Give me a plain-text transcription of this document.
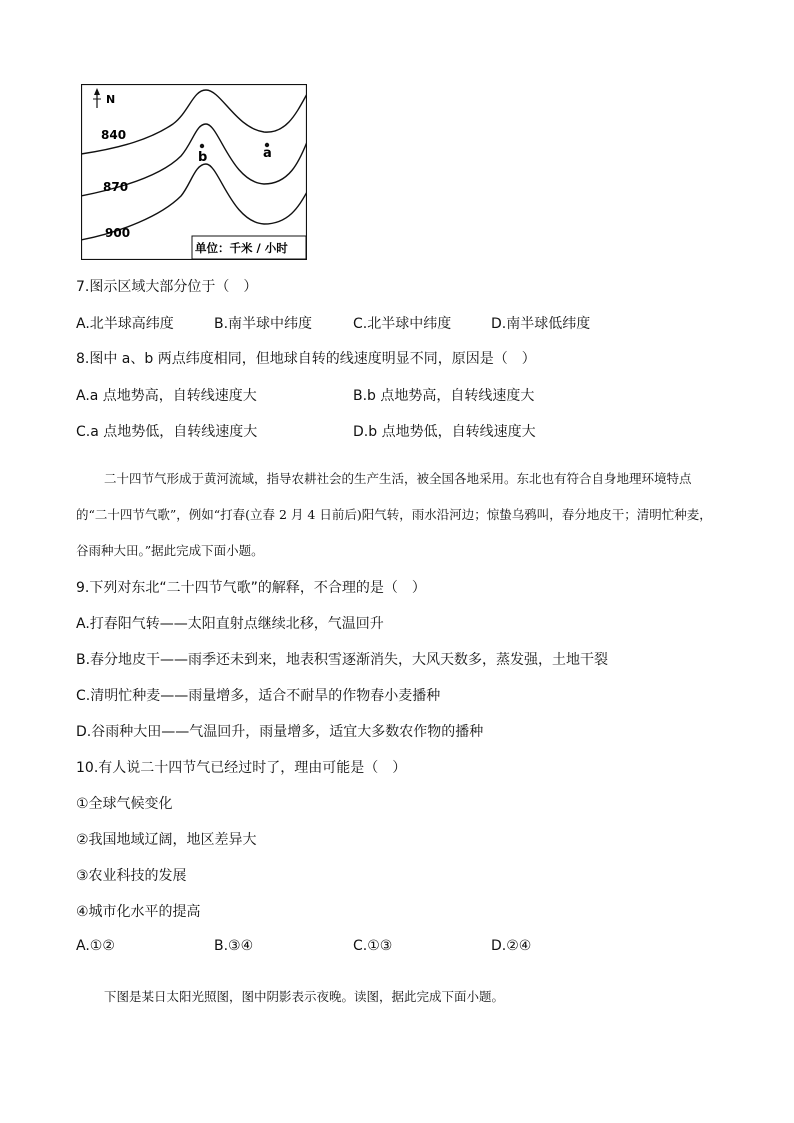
N
840
870
900
b	a
单位：千米 / 小时
7.图示区域大部分位于（　）
A.北半球高纬度	B.南半球中纬度	C.北半球中纬度	D.南半球低纬度
8.图中 a、b 两点纬度相同，但地球自转的线速度明显不同，原因是（　）
A.a 点地势高，自转线速度大	B.b 点地势高，自转线速度大
C.a 点地势低，自转线速度大	D.b 点地势低，自转线速度大
二十四节气形成于黄河流域，指导农耕社会的生产生活，被全国各地采用。东北也有符合自身地理环境特点的“二十四节气歌”，例如“打春(立春 2 月 4 日前后)阳气转，雨水沿河边；惊蛰乌鸦叫，春分地皮干；清明忙种麦，谷雨种大田。”据此完成下面小题。
9.下列对东北“二十四节气歌”的解释，不合理的是（　）
A.打春阳气转——太阳直射点继续北移，气温回升
B.春分地皮干——雨季还未到来，地表积雪逐渐消失，大风天数多，蒸发强，土地干裂
C.清明忙种麦——雨量增多，适合不耐旱的作物春小麦播种
D.谷雨种大田——气温回升，雨量增多，适宜大多数农作物的播种
10.有人说二十四节气已经过时了，理由可能是（　）
①全球气候变化
②我国地域辽阔，地区差异大
③农业科技的发展
④城市化水平的提高
A.①②	B.③④	C.①③	D.②④
下图是某日太阳光照图，图中阴影表示夜晚。读图，据此完成下面小题。
